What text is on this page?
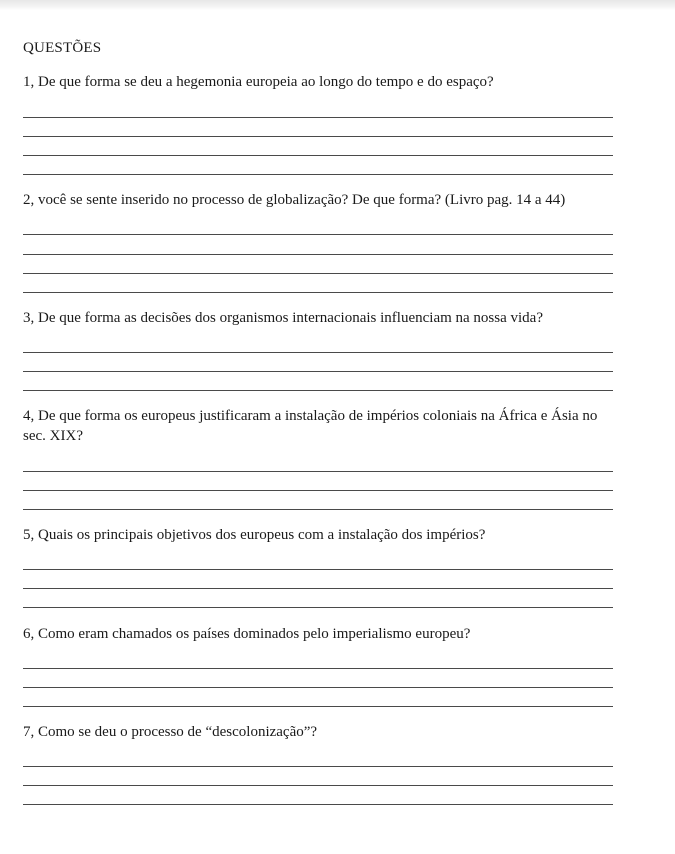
QUESTÕES
1, De que forma se deu a hegemonia europeia ao longo do tempo e do espaço?
2, você se sente inserido no processo de globalização? De que forma? (Livro pag. 14 a 44)
3, De que forma as decisões dos organismos internacionais influenciam na nossa vida?
4, De que forma os europeus justificaram a instalação de impérios coloniais na África e Ásia no sec. XIX?
5, Quais os principais objetivos dos europeus com a instalação dos impérios?
6, Como eram chamados os países dominados pelo imperialismo europeu?
7, Como se deu o processo de “descolonização”?
